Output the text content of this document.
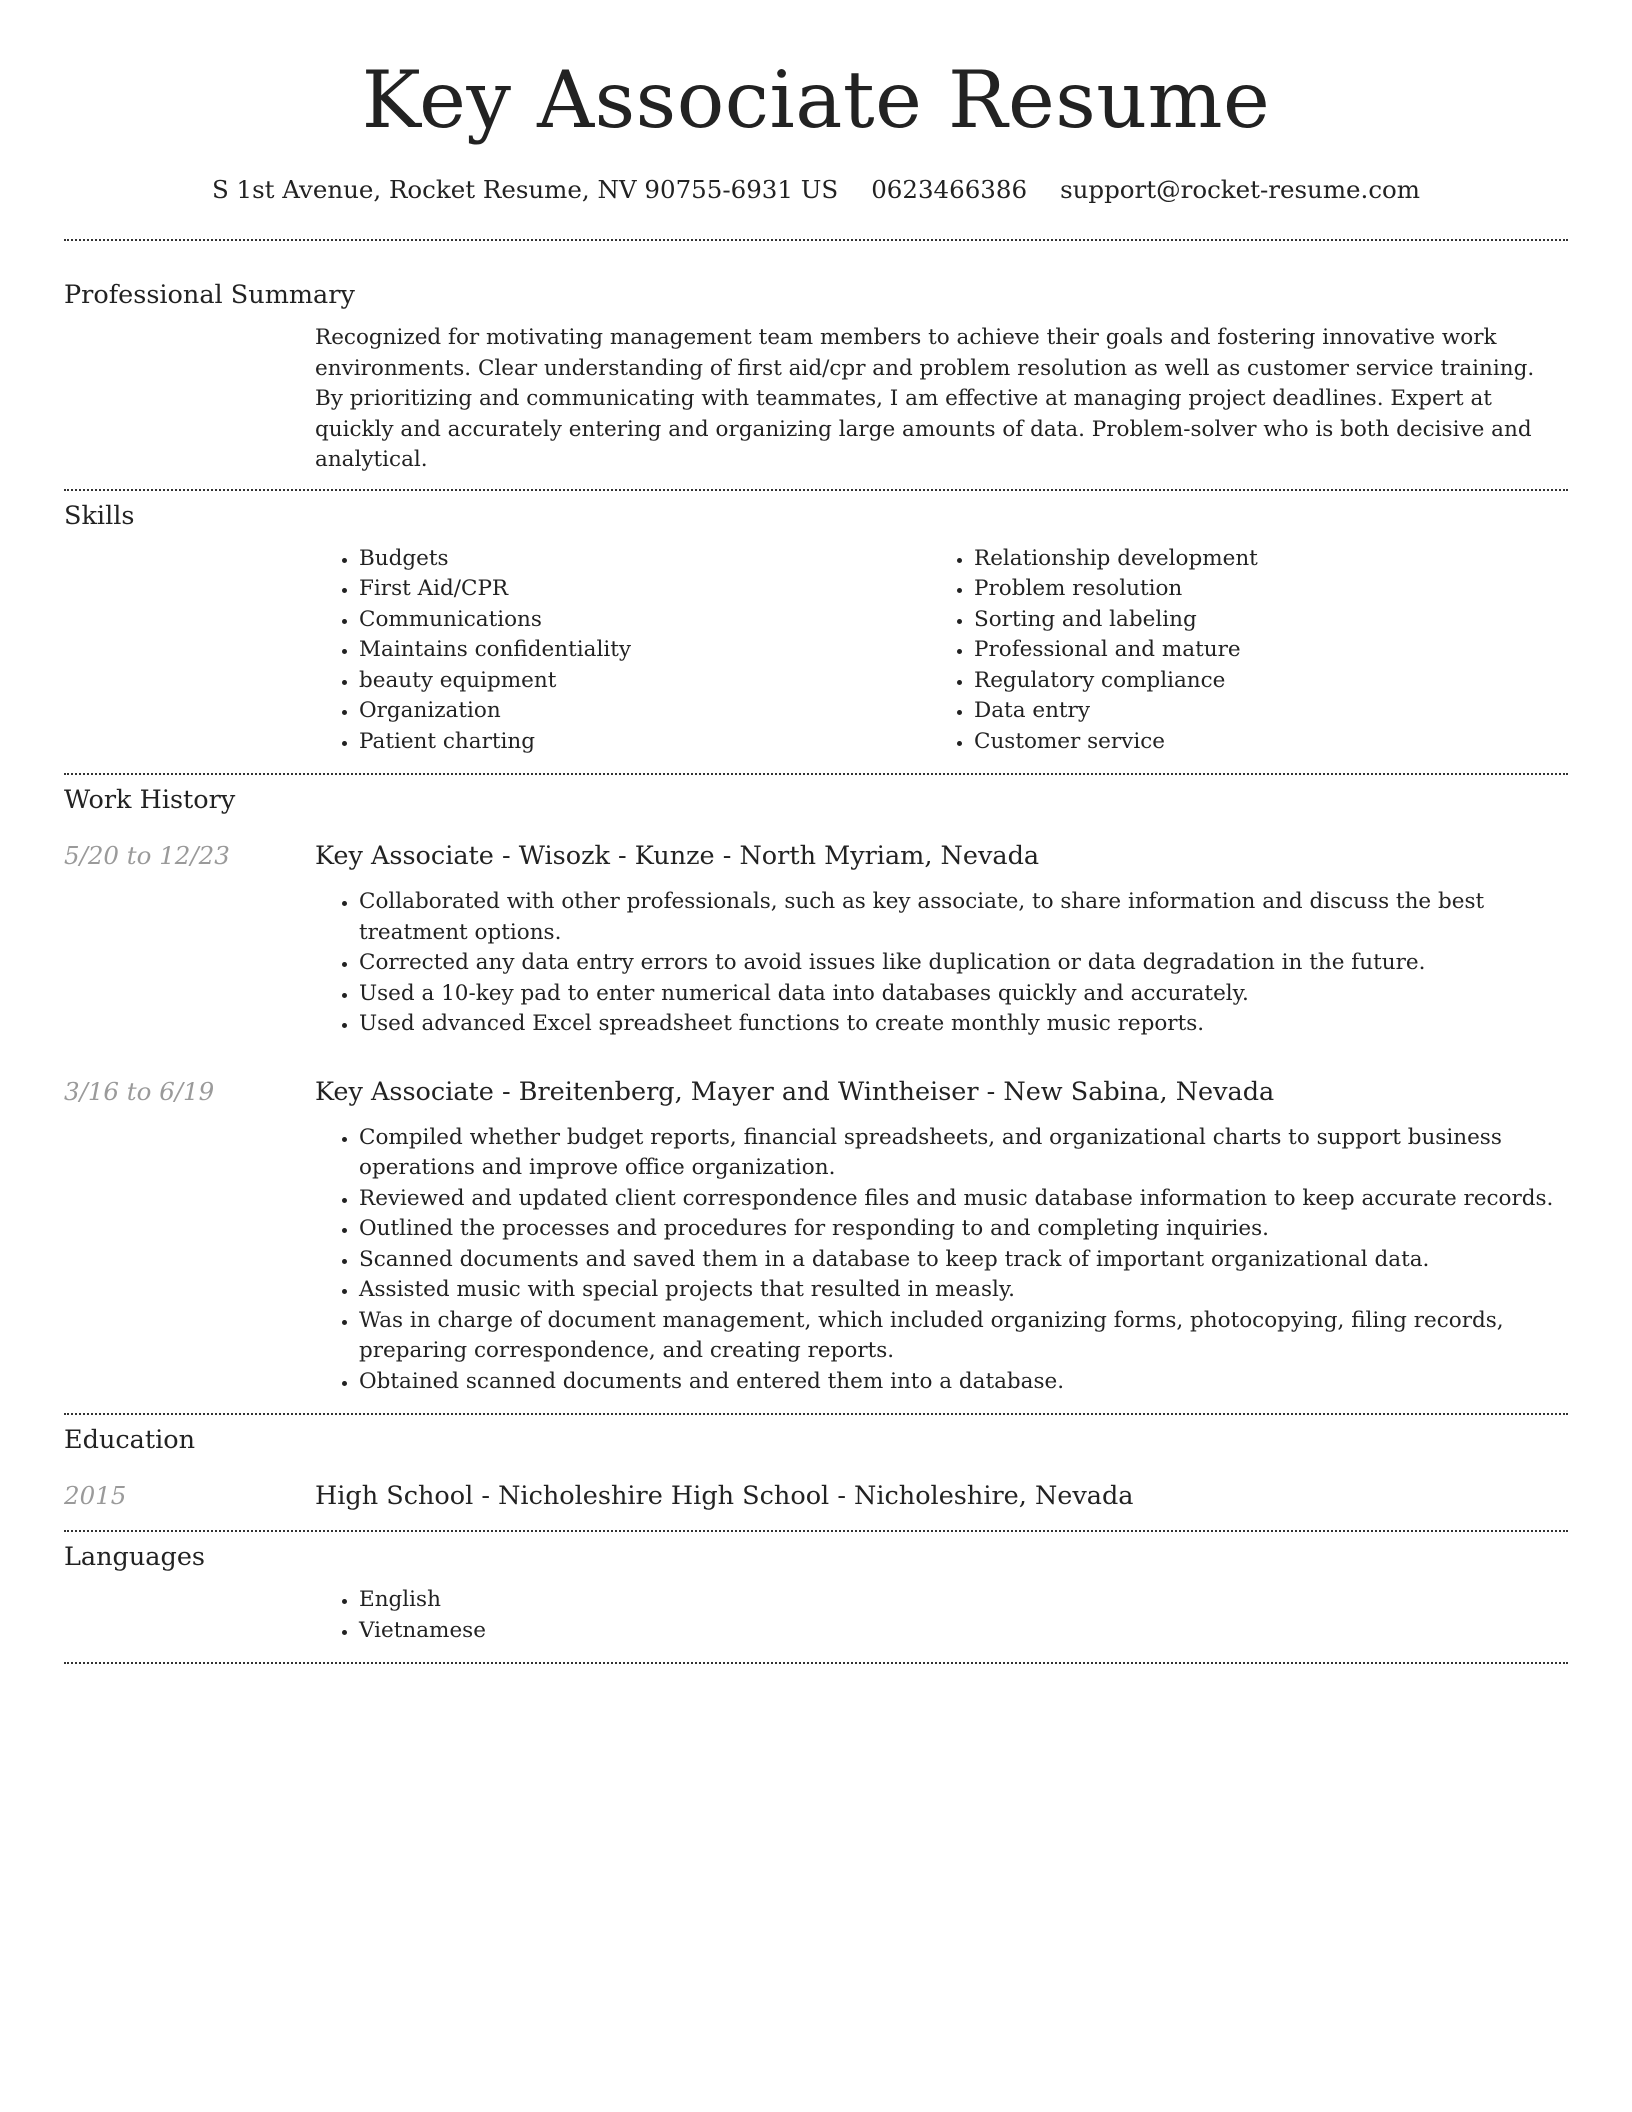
Key Associate Resume
S 1st Avenue, Rocket Resume, NV 90755-6931 US 0623466386 support@rocket-resume.com
Professional Summary

Recognized for motivating management team members to achieve their goals and fostering innovative work environments. Clear understanding of first aid/cpr and problem resolution as well as customer service training. By prioritizing and communicating with teammates, I am effective at managing project deadlines. Expert at quickly and accurately entering and organizing large amounts of data. Problem-solver who is both decisive and analytical.

Skills
• Budgets
• First Aid/CPR
• Communications
• Maintains confidentiality
• beauty equipment
• Organization
• Patient charting
• Relationship development
• Problem resolution
• Sorting and labeling
• Professional and mature
• Regulatory compliance
• Data entry
• Customer service
Work History
5/20 to 12/23	Key Associate - Wisozk - Kunze - North Myriam, Nevada
• Collaborated with other professionals, such as key associate, to share information and discuss the best treatment options.
• Corrected any data entry errors to avoid issues like duplication or data degradation in the future.
• Used a 10-key pad to enter numerical data into databases quickly and accurately.
• Used advanced Excel spreadsheet functions to create monthly music reports.
3/16 to 6/19	Key Associate - Breitenberg, Mayer and Wintheiser - New Sabina, Nevada
• Compiled whether budget reports, financial spreadsheets, and organizational charts to support business operations and improve office organization.
• Reviewed and updated client correspondence files and music database information to keep accurate records.
• Outlined the processes and procedures for responding to and completing inquiries.
• Scanned documents and saved them in a database to keep track of important organizational data.
• Assisted music with special projects that resulted in measly.
• Was in charge of document management, which included organizing forms, photocopying, filing records, preparing correspondence, and creating reports.
• Obtained scanned documents and entered them into a database.
Education
2015	High School - Nicholeshire High School - Nicholeshire, Nevada
Languages
• English
• Vietnamese
